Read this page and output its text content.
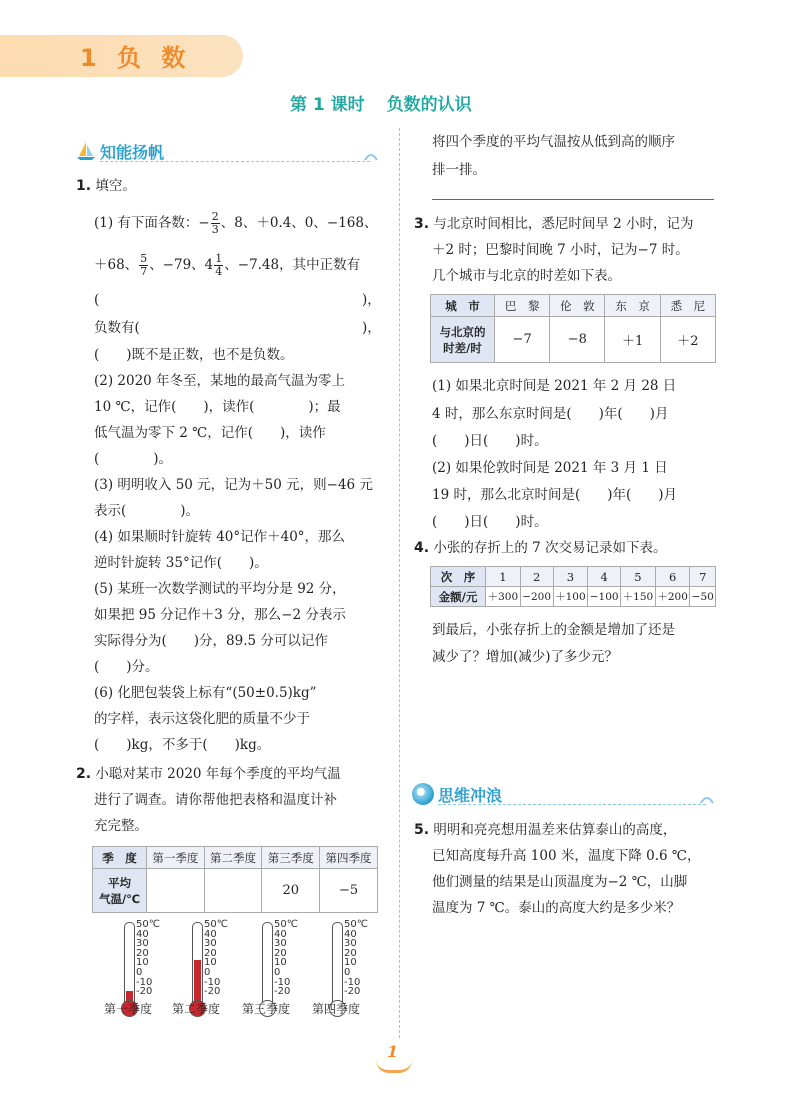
1 负 数
第 1 课时 负数的认识
知能扬帆
1. 填空。
(1) 有下面各数：− $\frac{2}{3}$ 、8、＋0.4、0、−168、
＋68、 $\frac{5}{7}$ 、−79、$4 \frac{1}{4}$ 、−7.48，其中正数有
(	)，
负数有(	)，
(　　)既不是正数，也不是负数。
(2) 2020 年冬至，某地的最高气温为零上
10 ℃，记作(　　)，读作(　　　　)；最
低气温为零下 2 ℃，记作(　　)，读作
(　　　　)。
(3) 明明收入 50 元，记为＋50 元，则−46 元
表示(　　　　)。
(4) 如果顺时针旋转 40°记作＋40°，那么
逆时针旋转 35°记作(　　)。
(5) 某班一次数学测试的平均分是 92 分，
如果把 95 分记作＋3 分，那么−2 分表示
实际得分为(　　)分，89.5 分可以记作
(　　)分。
(6) 化肥包装袋上标有“(50±0.5)kg”
的字样，表示这袋化肥的质量不少于
(　　)kg，不多于(　　)kg。
2. 小聪对某市 2020 年每个季度的平均气温
进行了调查。请你帮他把表格和温度计补
充完整。
季　度	第一季度	第二季度	第三季度	第四季度

平均
气温/℃			20	−5
50℃
40
30
20
10
0
-10
-20
第一季度
50℃
40
30
20
10
0
-10
-20
第二季度
50℃
40
30
20
10
0
-10
-20
第三季度
50℃
40
30
20
10
0
-10
-20
第四季度
将四个季度的平均气温按从低到高的顺序
排一排。
3. 与北京时间相比，悉尼时间早 2 小时，记为
＋2 时；巴黎时间晚 7 小时，记为−7 时。
几个城市与北京的时差如下表。
城　市	巴　黎	伦　敦	东　京	悉　尼

与北京的
时差/时	−7	−8	＋1	＋2
(1) 如果北京时间是 2021 年 2 月 28 日
4 时，那么东京时间是(　　)年(　　)月
(　　)日(　　)时。
(2) 如果伦敦时间是 2021 年 3 月 1 日
19 时，那么北京时间是(　　)年(　　)月
(　　)日(　　)时。
4. 小张的存折上的 7 次交易记录如下表。
次　序	1	2	3	4	5	6	7
金额/元	＋300	−200	＋100	−100	＋150	＋200	−50
到最后，小张存折上的金额是增加了还是
减少了？增加(减少)了多少元？
思维冲浪
5. 明明和亮亮想用温差来估算泰山的高度，
已知高度每升高 100 米，温度下降 0.6 ℃，
他们测量的结果是山顶温度为−2 ℃，山脚
温度为 7 ℃。泰山的高度大约是多少米？
1
